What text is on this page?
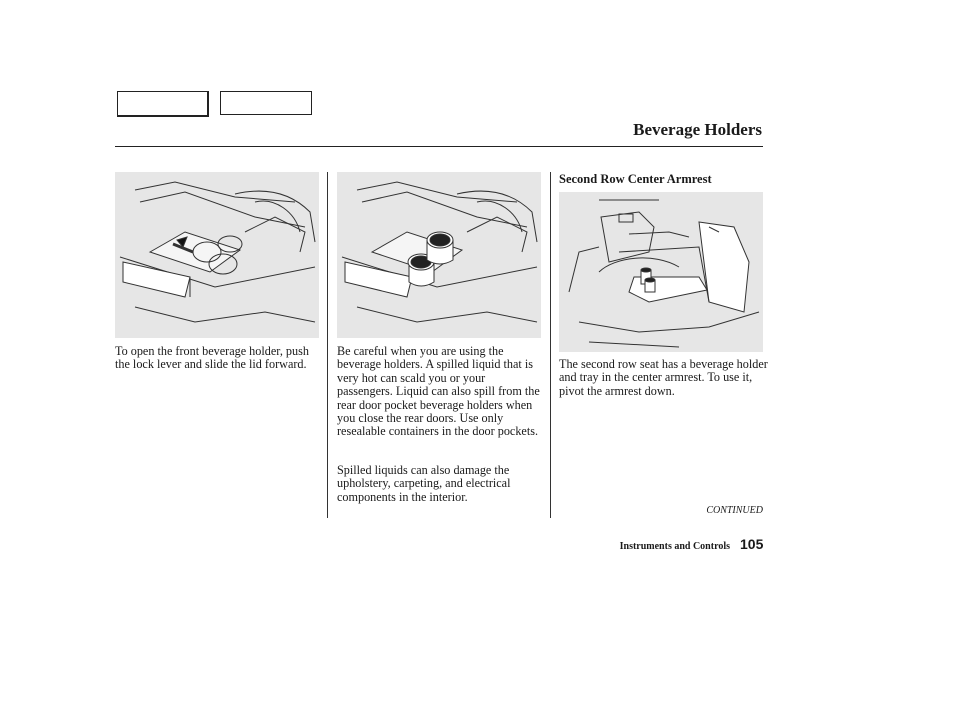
Beverage Holders

To open the front beverage holder, push the lock lever and slide the lid forward.

Be careful when you are using the beverage holders. A spilled liquid that is very hot can scald you or your passengers. Liquid can also spill from the rear door pocket beverage holders when you close the rear doors. Use only resealable containers in the door pockets.

Spilled liquids can also damage the upholstery, carpeting, and electrical components in the interior.

Second Row Center Armrest

The second row seat has a beverage holder and tray in the center armrest. To use it, pivot the armrest down.

CONTINUED
Instruments and Controls 105
